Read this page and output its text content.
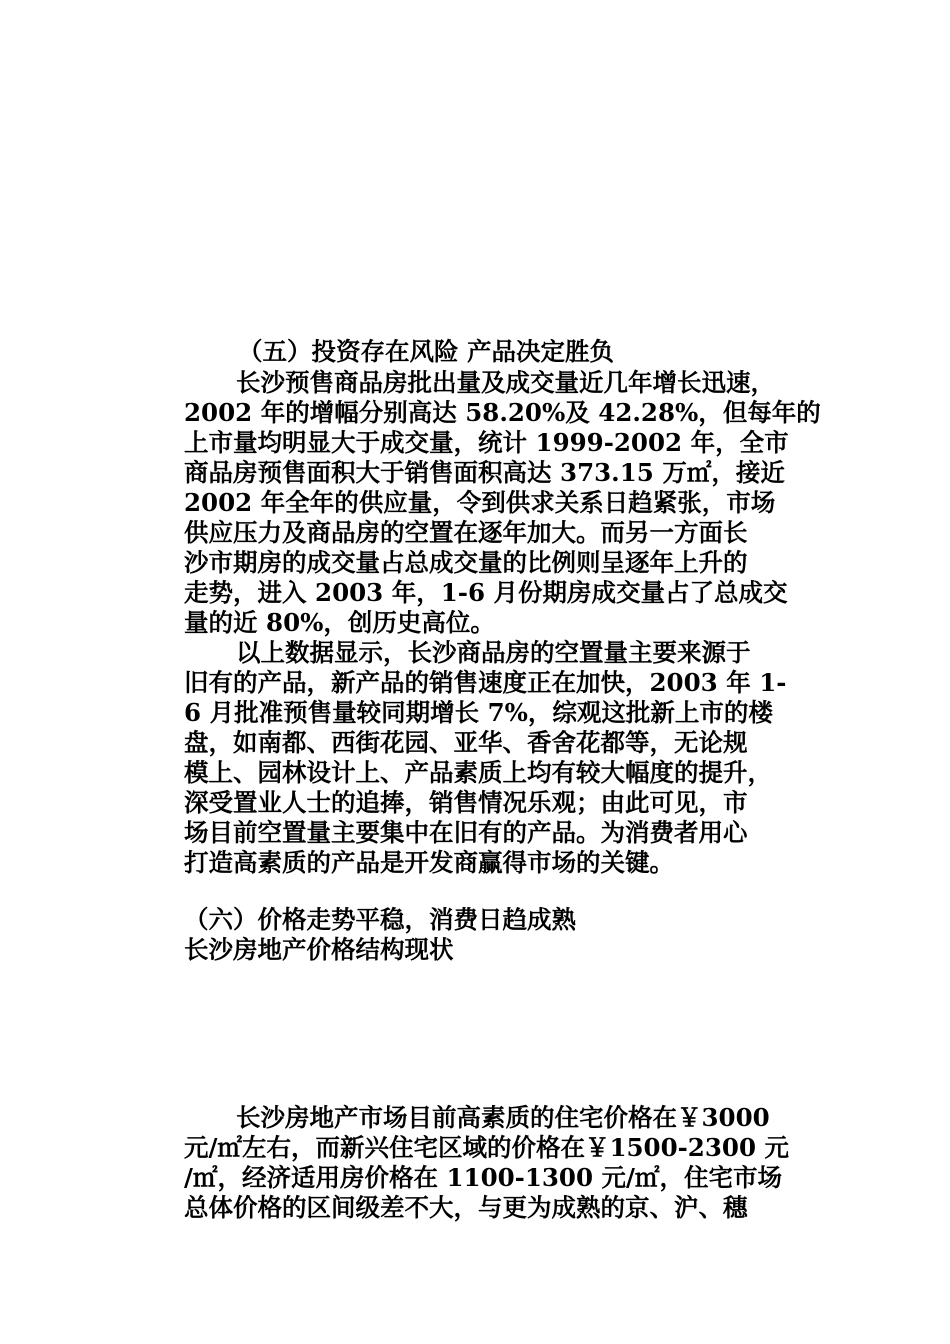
（五）投资存在风险 产品决定胜负
长沙预售商品房批出量及成交量近几年增长迅速，
2002 年的增幅分别高达 58.20%及 42.28%，但每年的
上市量均明显大于成交量，统计 1999-2002 年，全市
商品房预售面积大于销售面积高达 373.15 万㎡，接近
2002 年全年的供应量，令到供求关系日趋紧张，市场
供应压力及商品房的空置在逐年加大。而另一方面长
沙市期房的成交量占总成交量的比例则呈逐年上升的
走势，进入 2003 年，1-6 月份期房成交量占了总成交
量的近 80%，创历史高位。
以上数据显示，长沙商品房的空置量主要来源于
旧有的产品，新产品的销售速度正在加快，2003 年 1-
6 月批准预售量较同期增长 7%，综观这批新上市的楼
盘，如南都、西街花园、亚华、香舍花都等，无论规
模上、园林设计上、产品素质上均有较大幅度的提升，
深受置业人士的追捧，销售情况乐观；由此可见，市
场目前空置量主要集中在旧有的产品。为消费者用心
打造高素质的产品是开发商赢得市场的关键。
（六）价格走势平稳，消费日趋成熟
长沙房地产价格结构现状
长沙房地产市场目前高素质的住宅价格在￥3000
元/㎡左右，而新兴住宅区域的价格在￥1500-2300 元
/㎡，经济适用房价格在 1100-1300 元/㎡，住宅市场
总体价格的区间级差不大，与更为成熟的京、沪、穗
